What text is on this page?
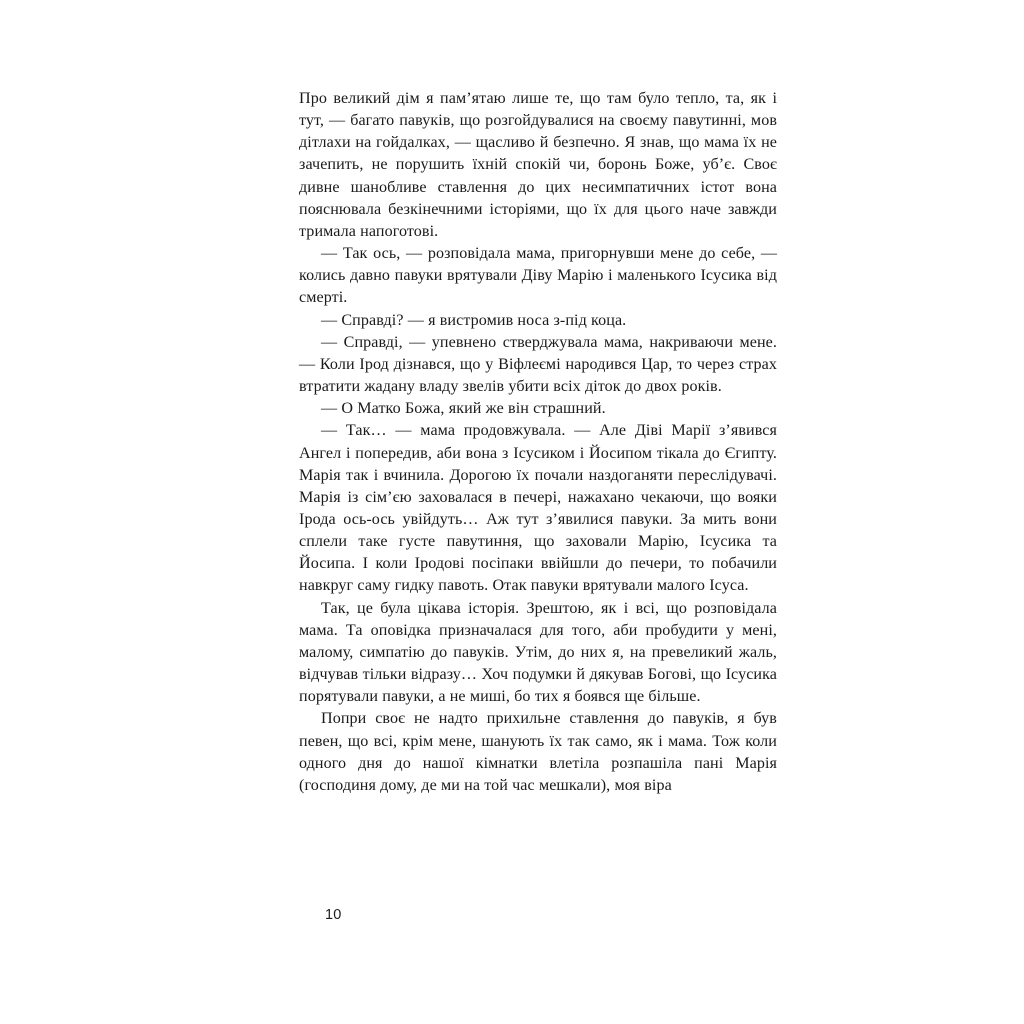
Про великий дім я пам’ятаю лише те, що там було тепло, та, як і тут, — багато павуків, що розгойдувалися на своєму павутинні, мов дітлахи на гойдалках, — щасливо й безпечно. Я знав, що мама їх не зачепить, не порушить їхній спокій чи, боронь Боже, уб’є. Своє дивне шанобливе ставлення до цих несимпатичних істот вона пояснювала безкінечними історіями, що їх для цього наче завжди тримала напоготові.

— Так ось, — розповідала мама, пригорнувши мене до себе, — колись давно павуки врятували Діву Марію і маленького Ісусика від смерті.

— Справді? — я вистромив носа з-під коца.

— Справді, — упевнено стверджувала мама, накриваючи мене. — Коли Ірод дізнався, що у Віфлеємі народився Цар, то через страх втратити жадану владу звелів убити всіх діток до двох років.

— О Матко Божа, який же він страшний.

— Так… — мама продовжувала. — Але Діві Марії з’явився Ангел і попередив, аби вона з Ісусиком і Йосипом тікала до Єгипту. Марія так і вчинила. Дорогою їх почали наздоганяти переслідувачі. Марія із сім’єю заховалася в печері, нажахано чекаючи, що вояки Ірода ось-ось увійдуть… Аж тут з’явилися павуки. За мить вони сплели таке густе павутиння, що заховали Марію, Ісусика та Йосипа. І коли Іродові посіпаки ввійшли до печери, то побачили навкруг саму гидку павоть. Отак павуки врятували малого Ісуса.

Так, це була цікава історія. Зрештою, як і всі, що розповідала мама. Та оповідка призначалася для того, аби пробудити у мені, малому, симпатію до павуків. Утім, до них я, на превеликий жаль, відчував тільки відразу… Хоч подумки й дякував Богові, що Ісусика порятували павуки, а не миші, бо тих я боявся ще більше.

Попри своє не надто прихильне ставлення до павуків, я був певен, що всі, крім мене, шанують їх так само, як і мама. Тож коли одного дня до нашої кімнатки влетіла розпашіла пані Марія (господиня дому, де ми на той час мешкали), моя віра

10
